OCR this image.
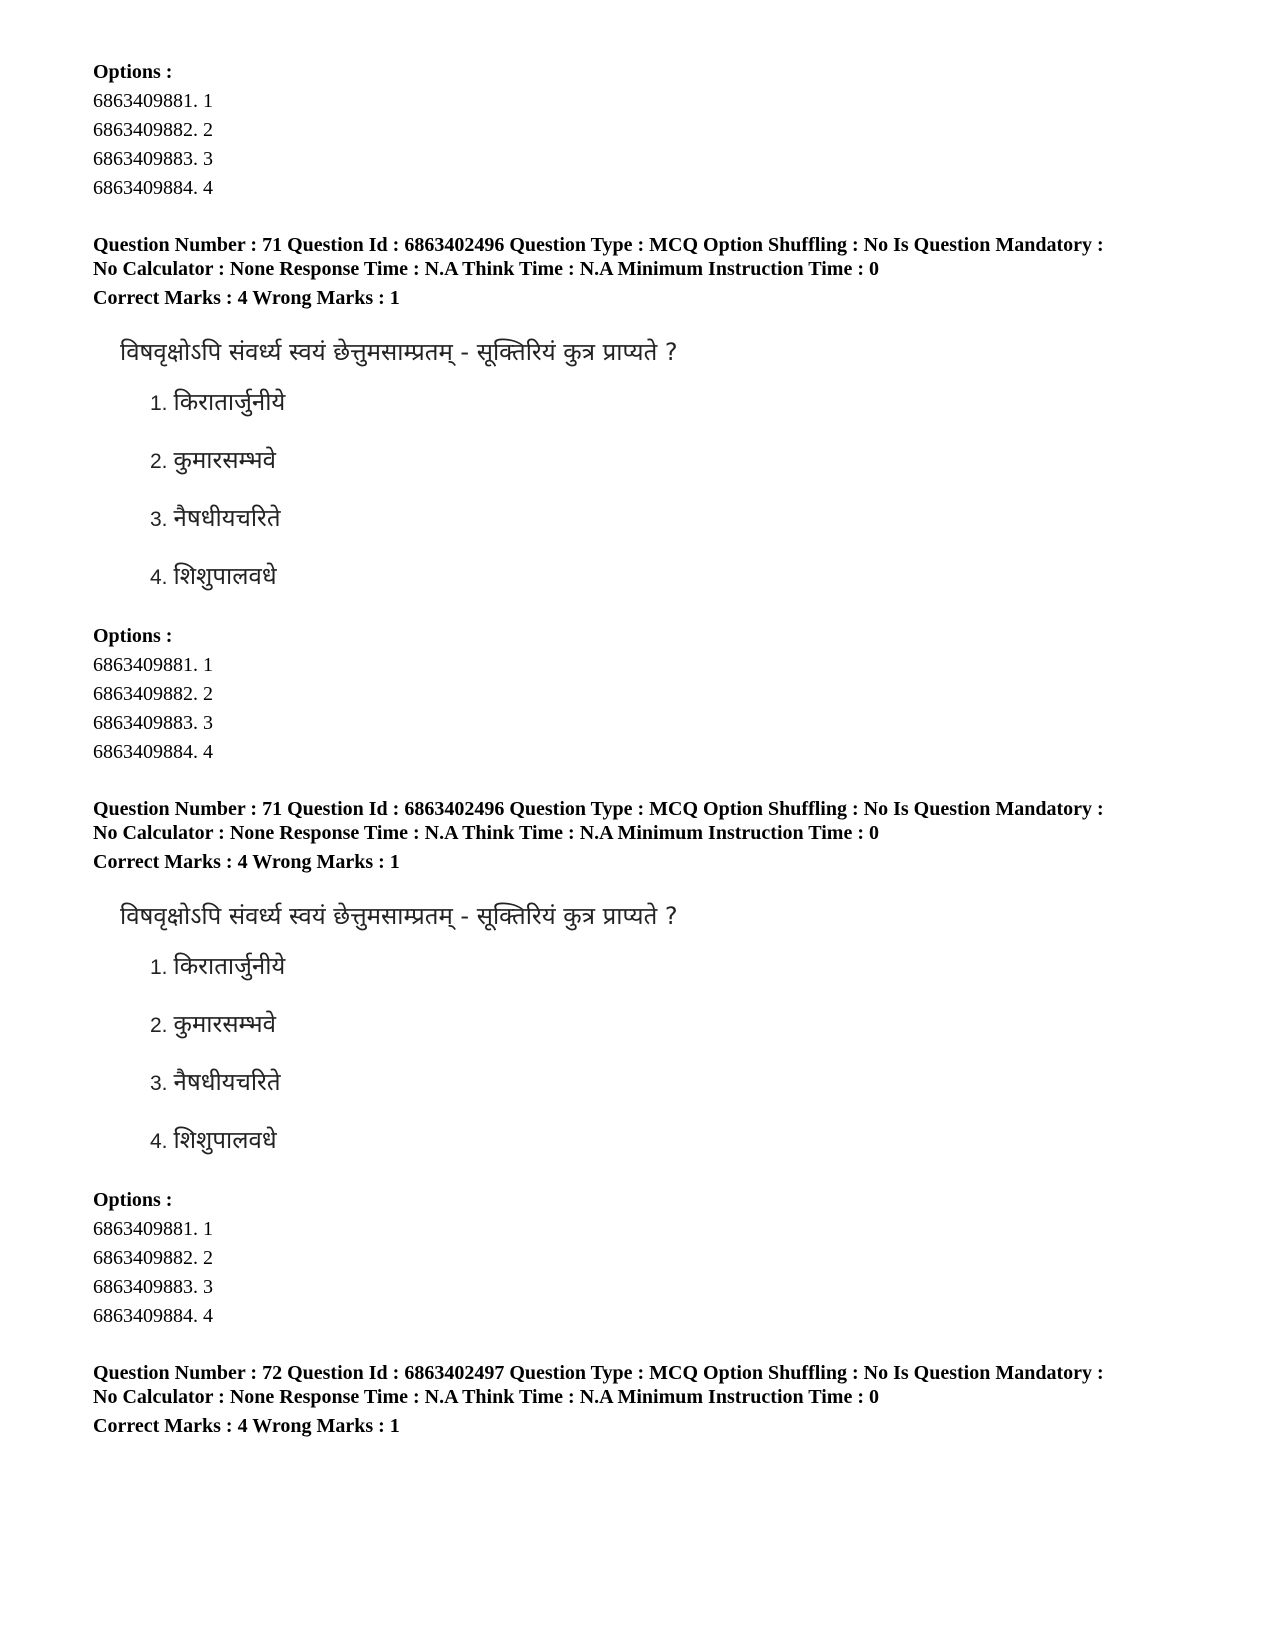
Options :
6863409881. 1
6863409882. 2
6863409883. 3
6863409884. 4
Question Number : 71 Question Id : 6863402496 Question Type : MCQ Option Shuffling : No Is Question Mandatory :
No Calculator : None Response Time : N.A Think Time : N.A Minimum Instruction Time : 0
Correct Marks : 4 Wrong Marks : 1
विषवृक्षोऽपि संवर्ध्य स्वयं छेत्तुमसाम्प्रतम् - सूक्तिरियं कुत्र प्राप्यते ?
1. किरातार्जुनीये
2. कुमारसम्भवे
3. नैषधीयचरिते
4. शिशुपालवधे
Options :
6863409881. 1
6863409882. 2
6863409883. 3
6863409884. 4
Question Number : 71 Question Id : 6863402496 Question Type : MCQ Option Shuffling : No Is Question Mandatory :
No Calculator : None Response Time : N.A Think Time : N.A Minimum Instruction Time : 0
Correct Marks : 4 Wrong Marks : 1
विषवृक्षोऽपि संवर्ध्य स्वयं छेत्तुमसाम्प्रतम् - सूक्तिरियं कुत्र प्राप्यते ?
1. किरातार्जुनीये
2. कुमारसम्भवे
3. नैषधीयचरिते
4. शिशुपालवधे
Options :
6863409881. 1
6863409882. 2
6863409883. 3
6863409884. 4
Question Number : 72 Question Id : 6863402497 Question Type : MCQ Option Shuffling : No Is Question Mandatory :
No Calculator : None Response Time : N.A Think Time : N.A Minimum Instruction Time : 0
Correct Marks : 4 Wrong Marks : 1
